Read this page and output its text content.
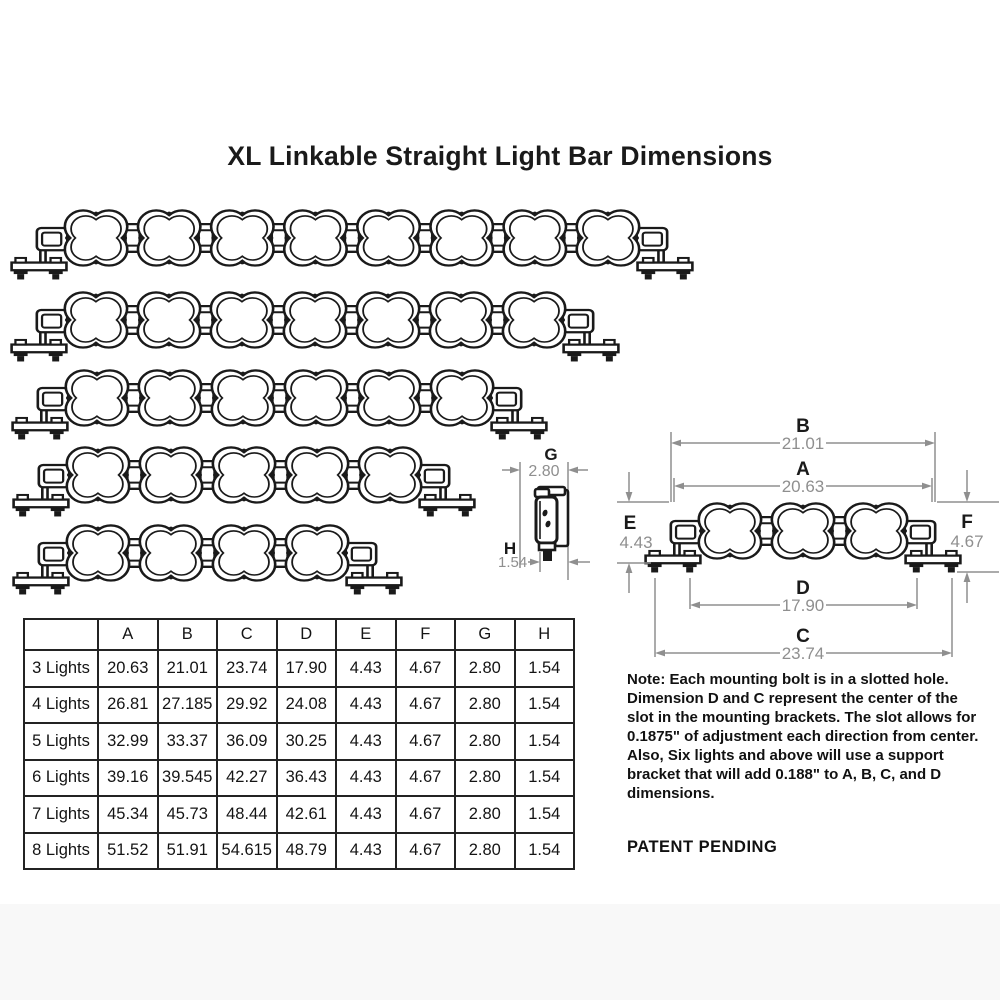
XL Linkable Straight Light Bar Dimensions
G
2.80
H
1.54
B
21.01
A
20.63
E
4.43
F
4.67
D
17.90
C
23.74
	A	B	C	D	E	F	G	H
3 Lights	20.63	21.01	23.74	17.90	4.43	4.67	2.80	1.54
4 Lights	26.81	27.185	29.92	24.08	4.43	4.67	2.80	1.54
5 Lights	32.99	33.37	36.09	30.25	4.43	4.67	2.80	1.54
6 Lights	39.16	39.545	42.27	36.43	4.43	4.67	2.80	1.54
7 Lights	45.34	45.73	48.44	42.61	4.43	4.67	2.80	1.54
8 Lights	51.52	51.91	54.615	48.79	4.43	4.67	2.80	1.54
Note: Each mounting bolt is in a slotted hole. Dimension D and C represent the center of the slot in the mounting brackets. The slot allows for 0.1875" of adjustment each direction from center. Also, Six lights and above will use a support bracket that will add 0.188" to A, B, C, and D dimensions.
PATENT PENDING
